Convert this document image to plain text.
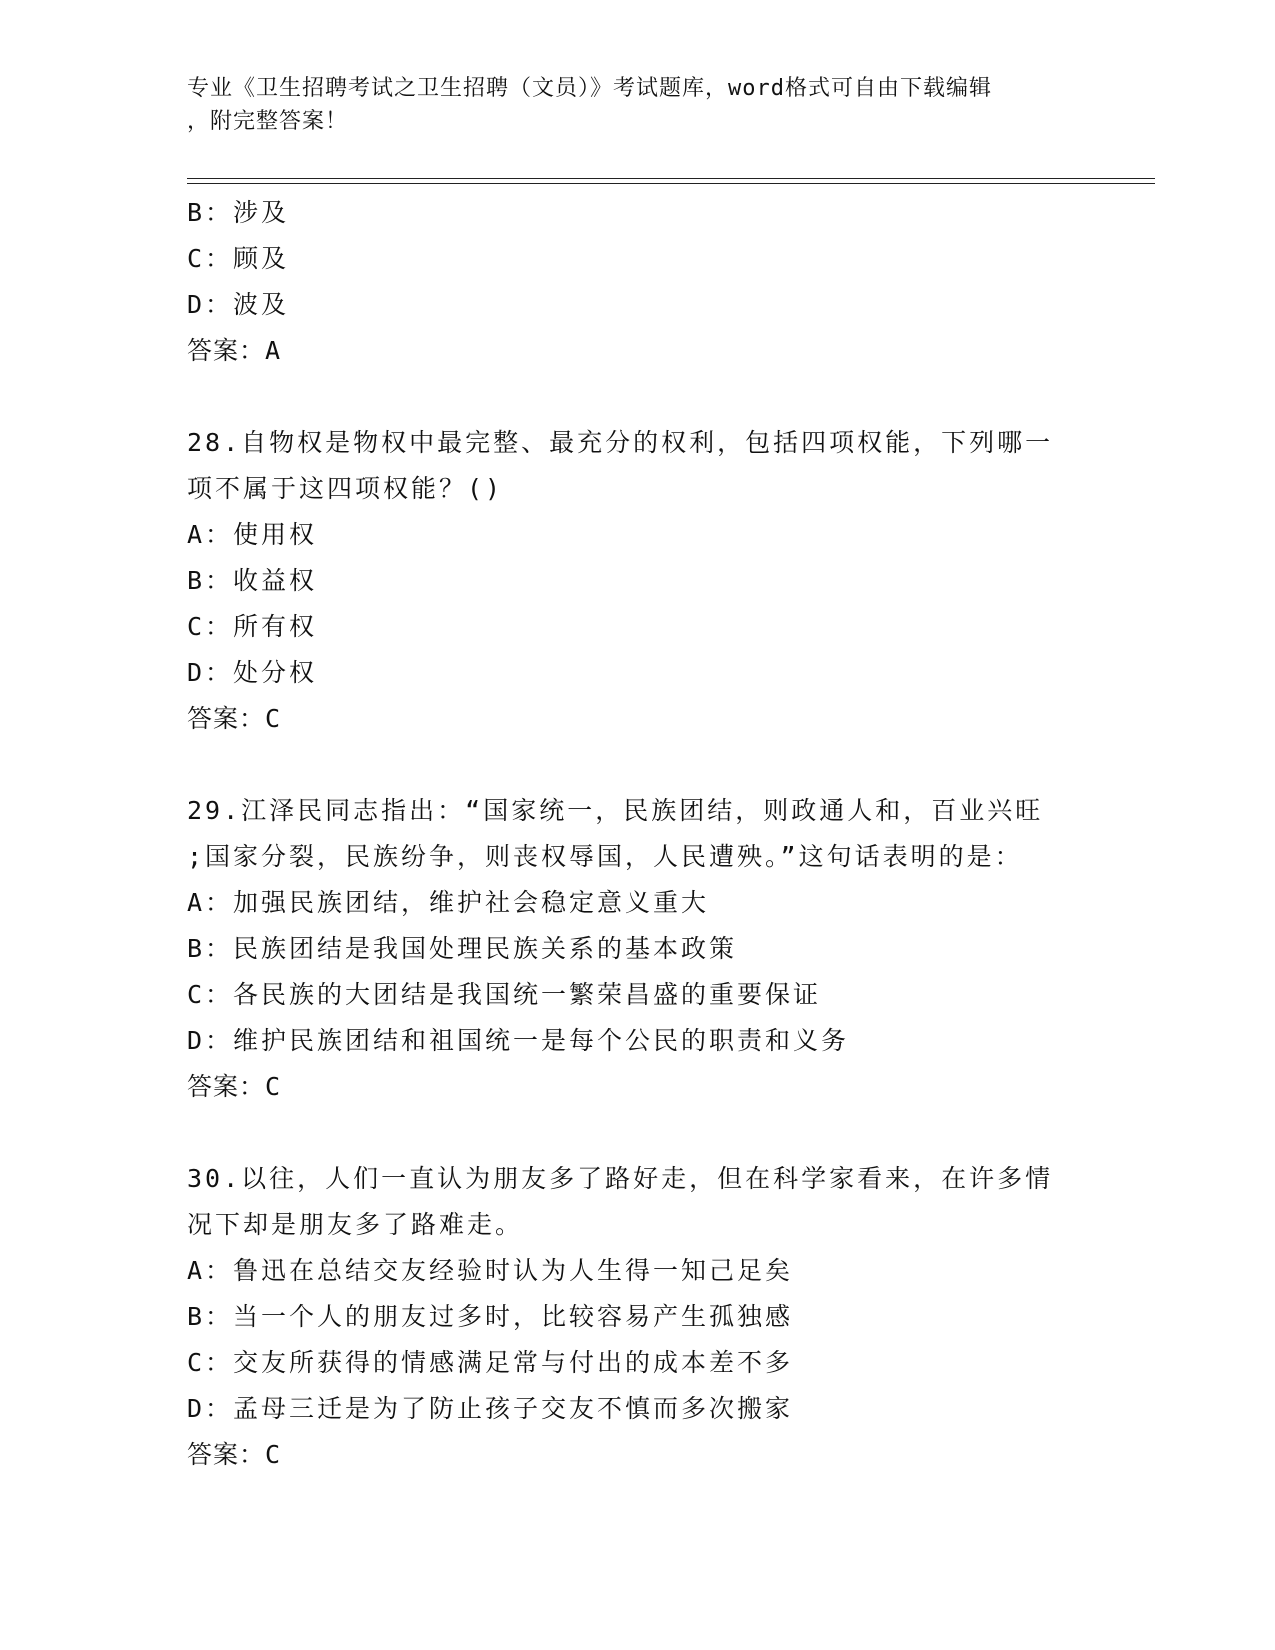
专业《卫生招聘考试之卫生招聘（文员）》考试题库，word格式可自由下载编辑
，附完整答案！
B：涉及
C：顾及
D：波及
答案：A
28.自物权是物权中最完整、最充分的权利，包括四项权能，下列哪一
项不属于这四项权能？()
A：使用权
B：收益权
C：所有权
D：处分权
答案：C
29.江泽民同志指出：“国家统一，民族团结，则政通人和，百业兴旺
;国家分裂，民族纷争，则丧权辱国，人民遭殃。”这句话表明的是：
A：加强民族团结，维护社会稳定意义重大
B：民族团结是我国处理民族关系的基本政策
C：各民族的大团结是我国统一繁荣昌盛的重要保证
D：维护民族团结和祖国统一是每个公民的职责和义务
答案：C
30.以往，人们一直认为朋友多了路好走，但在科学家看来，在许多情
况下却是朋友多了路难走。
A：鲁迅在总结交友经验时认为人生得一知己足矣
B：当一个人的朋友过多时，比较容易产生孤独感
C：交友所获得的情感满足常与付出的成本差不多
D：孟母三迁是为了防止孩子交友不慎而多次搬家
答案：C
